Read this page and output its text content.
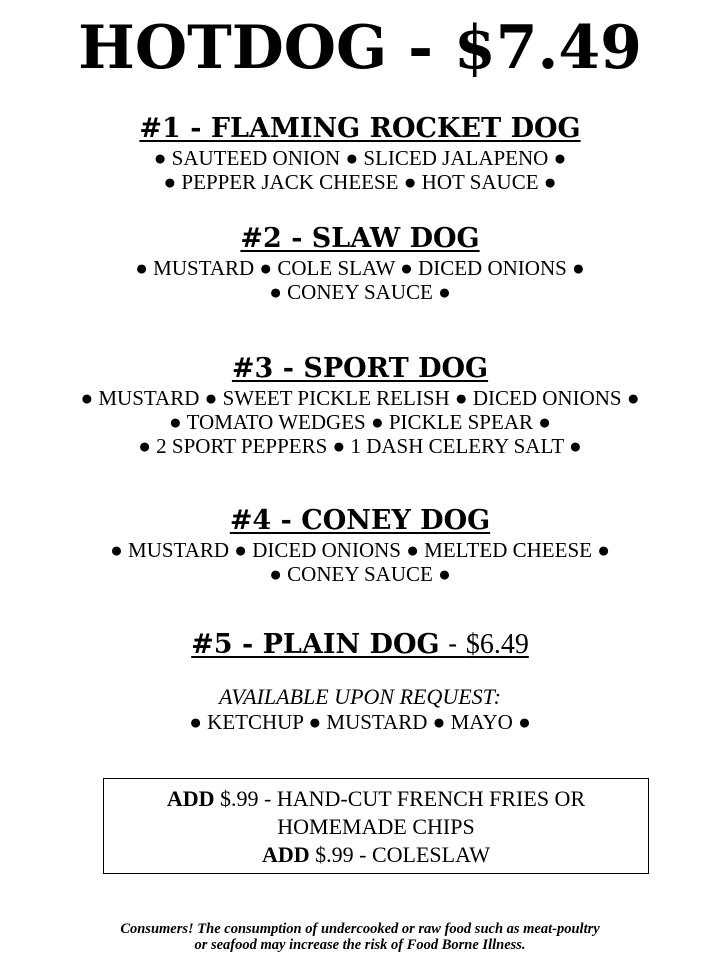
HOTDOG - $7.49
#1 - FLAMING ROCKET DOG
● SAUTEED ONION ● SLICED JALAPENO ●
● PEPPER JACK CHEESE ● HOT SAUCE ●
#2 - SLAW DOG
● MUSTARD ● COLE SLAW ● DICED ONIONS ●
● CONEY SAUCE ●
#3 - SPORT DOG
● MUSTARD ● SWEET PICKLE RELISH ● DICED ONIONS ●
● TOMATO WEDGES ● PICKLE SPEAR ●
● 2 SPORT PEPPERS ● 1 DASH CELERY SALT ●
#4 - CONEY DOG
● MUSTARD ● DICED ONIONS ● MELTED CHEESE ●
● CONEY SAUCE ●
#5 - PLAIN DOG - $6.49
AVAILABLE UPON REQUEST:
● KETCHUP ● MUSTARD ● MAYO ●
ADD $.99 - HAND-CUT FRENCH FRIES OR
HOMEMADE CHIPS
ADD $.99 - COLESLAW
Consumers! The consumption of undercooked or raw food such as meat-poultry
or seafood may increase the risk of Food Borne Illness.
